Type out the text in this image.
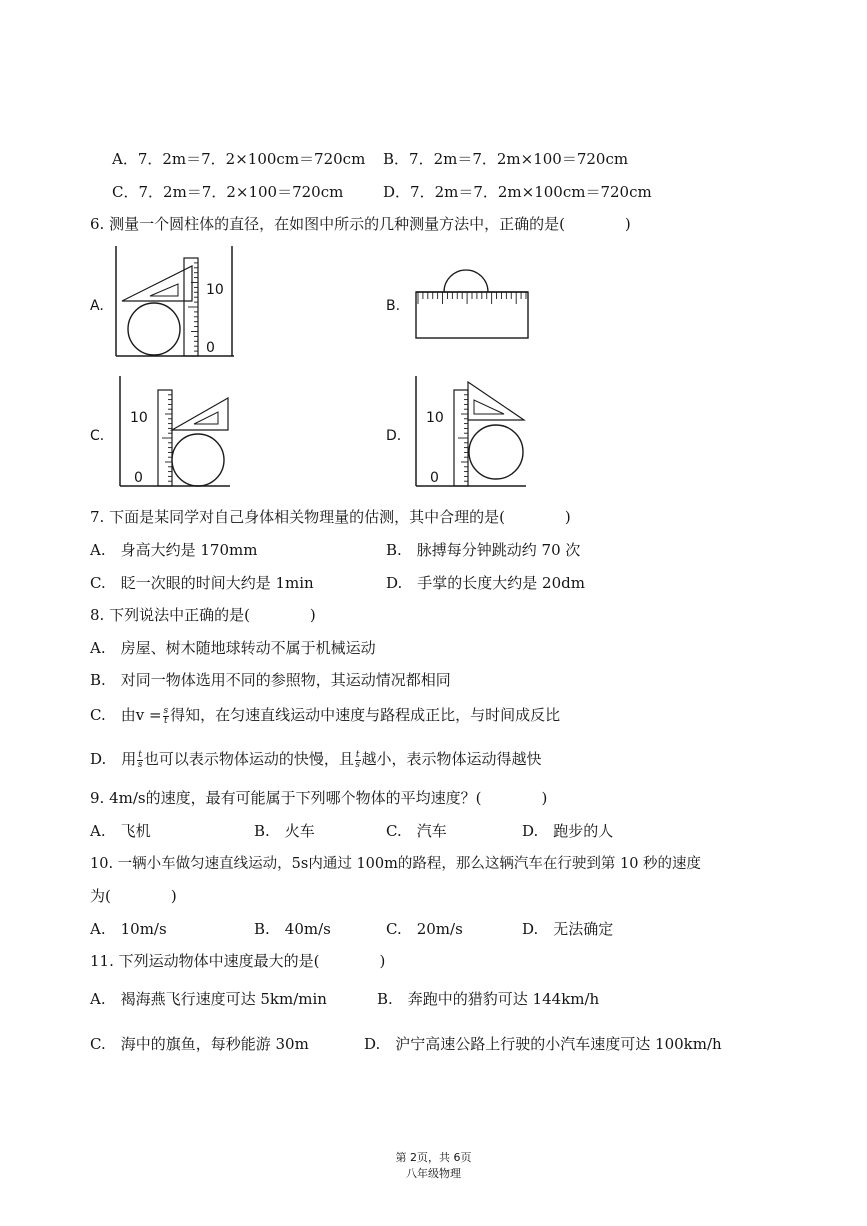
A．7．2m＝7．2×100cm＝720cm B．7．2m＝7．2m×100＝720cm
C．7．2m＝7．2×100＝720cm	D．7．2m＝7．2m×100cm＝720cm
6. 测量一个圆柱体的直径，在如图中所示的几种测量方法中，正确的是(　　　　)
A.	B.
C.	D.
10
0
10
0
10
0
7. 下面是某同学对自己身体相关物理量的估测，其中合理的是(　　　　)
A.　身高大约是 170mm	B.　脉搏每分钟跳动约 70 次
C.　眨一次眼的时间大约是 1min	D.　手掌的长度大约是 20dm
8. 下列说法中正确的是(　　　　)
A.　房屋、树木随地球转动不属于机械运动
B.　对同一物体选用不同的参照物，其运动情况都相同
C.　由$v = \frac{s}{t}$ 得知，在匀速直线运动中速度与路程成正比，与时间成反比
D.　用 $\frac{t}{s}$ 也可以表示物体运动的快慢，且 $\frac{t}{s}$ 越小，表示物体运动得越快
9. 4m/s的速度，最有可能属于下列哪个物体的平均速度？(　　　　)
A.　飞机	B.　火车	C.　汽车	D.　跑步的人
10. 一辆小车做匀速直线运动，5s内通过 100m的路程，那么这辆汽车在行驶到第 10 秒的速度
为(　　　　)
A.　10m/s	B.　40m/s	C.　20m/s	D.　无法确定
11. 下列运动物体中速度最大的是(　　　　)
A.　褐海燕飞行速度可达 5km/min	B.　奔跑中的猎豹可达 144km/h
C.　海中的旗鱼，每秒能游 30m	D.　沪宁高速公路上行驶的小汽车速度可达 100km/h
第 2页，共 6页
八年级物理
